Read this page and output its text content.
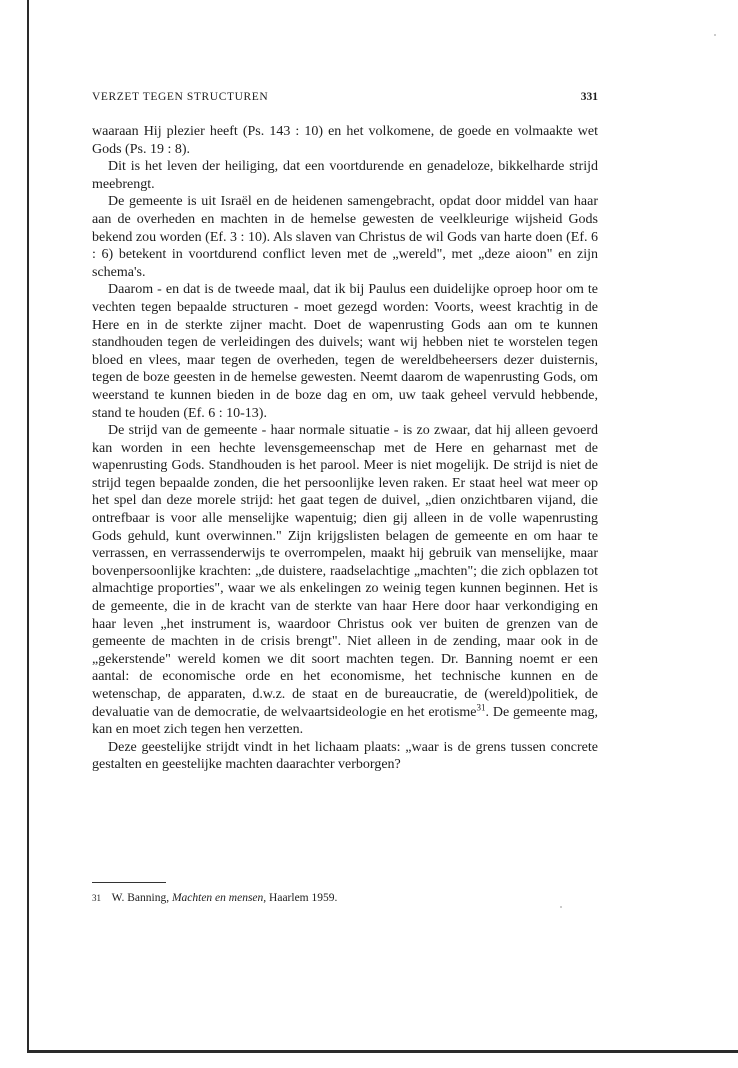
VERZET TEGEN STRUCTUREN	331

waaraan Hij plezier heeft (Ps. 143 : 10) en het volkomene, de goede en volmaakte wet Gods (Ps. 19 : 8).

Dit is het leven der heiliging, dat een voortdurende en genadeloze, bikkelharde strijd meebrengt.

De gemeente is uit Israël en de heidenen samengebracht, opdat door middel van haar aan de overheden en machten in de hemelse gewesten de veelkleurige wijsheid Gods bekend zou worden (Ef. 3 : 10). Als slaven van Christus de wil Gods van harte doen (Ef. 6 : 6) betekent in voortdurend conflict leven met de „wereld", met „deze aioon" en zijn schema's.

Daarom - en dat is de tweede maal, dat ik bij Paulus een duidelijke oproep hoor om te vechten tegen bepaalde structuren - moet gezegd worden: Voorts, weest krachtig in de Here en in de sterkte zijner macht. Doet de wapenrusting Gods aan om te kunnen standhouden tegen de verleidingen des duivels; want wij hebben niet te worstelen tegen bloed en vlees, maar tegen de overheden, tegen de wereldbeheersers dezer duisternis, tegen de boze geesten in de hemelse gewesten. Neemt daarom de wapenrusting Gods, om weerstand te kunnen bieden in de boze dag en om, uw taak geheel vervuld hebbende, stand te houden (Ef. 6 : 10-13).

De strijd van de gemeente - haar normale situatie - is zo zwaar, dat hij alleen gevoerd kan worden in een hechte levensgemeenschap met de Here en geharnast met de wapenrusting Gods. Standhouden is het parool. Meer is niet mogelijk. De strijd is niet de strijd tegen bepaalde zonden, die het persoonlijke leven raken. Er staat heel wat meer op het spel dan deze morele strijd: het gaat tegen de duivel, „dien onzichtbaren vijand, die ontrefbaar is voor alle menselijke wapentuig; dien gij alleen in de volle wapenrusting Gods gehuld, kunt overwinnen." Zijn krijgslisten belagen de gemeente en om haar te verrassen, en verrassenderwijs te overrompelen, maakt hij gebruik van menselijke, maar bovenpersoonlijke krachten: „de duistere, raadselachtige „machten"; die zich opblazen tot almachtige proporties", waar we als enkelingen zo weinig tegen kunnen beginnen. Het is de gemeente, die in de kracht van de sterkte van haar Here door haar verkondiging en haar leven „het instrument is, waardoor Christus ook ver buiten de grenzen van de gemeente de machten in de crisis brengt". Niet alleen in de zending, maar ook in de „gekerstende" wereld komen we dit soort machten tegen. Dr. Banning noemt er een aantal: de economische orde en het economisme, het technische kunnen en de wetenschap, de apparaten, d.w.z. de staat en de bureaucratie, de (wereld)politiek, de devaluatie van de democratie, de welvaartsideologie en het erotisme$^{31}$. De gemeente mag, kan en moet zich tegen hen verzetten.

Deze geestelijke strijdt vindt in het lichaam plaats: „waar is de grens tussen concrete gestalten en geestelijke machten daarachter verborgen?

31 W. Banning, Machten en mensen, Haarlem 1959.
